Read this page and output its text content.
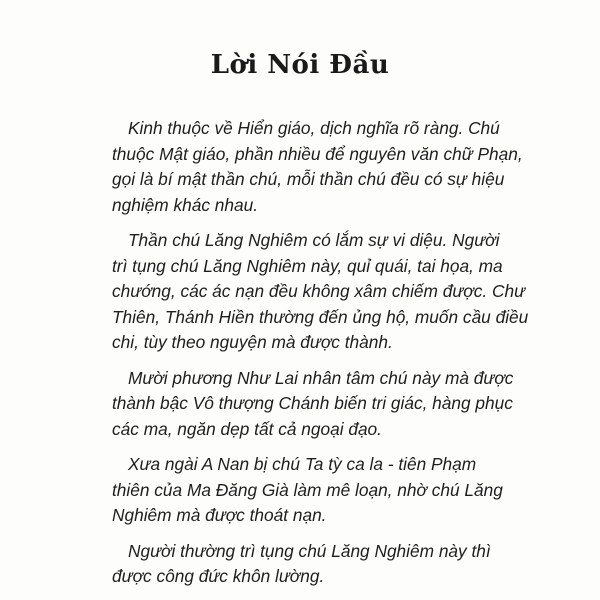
Lời Nói Đầu

Kinh thuộc về Hiển giáo, dịch nghĩa rõ ràng. Chú
thuộc Mật giáo, phần nhiều để nguyên văn chữ Phạn,
gọi là bí mật thần chú, mỗi thần chú đều có sự hiệu
nghiệm khác nhau.

Thần chú Lăng Nghiêm có lắm sự vi diệu. Người
trì tụng chú Lăng Nghiêm này, quỉ quái, tai họa, ma
chướng, các ác nạn đều không xâm chiếm được. Chư
Thiên, Thánh Hiền thường đến ủng hộ, muốn cầu điều
chi, tùy theo nguyện mà được thành.

Mười phương Như Lai nhân tâm chú này mà được
thành bậc Vô thượng Chánh biến tri giác, hàng phục
các ma, ngăn dẹp tất cả ngoại đạo.

Xưa ngài A Nan bị chú Ta tỳ ca la - tiên Phạm
thiên của Ma Đăng Già làm mê loạn, nhờ chú Lăng
Nghiêm mà được thoát nạn.

Người thường trì tụng chú Lăng Nghiêm này thì
được công đức khôn lường.
